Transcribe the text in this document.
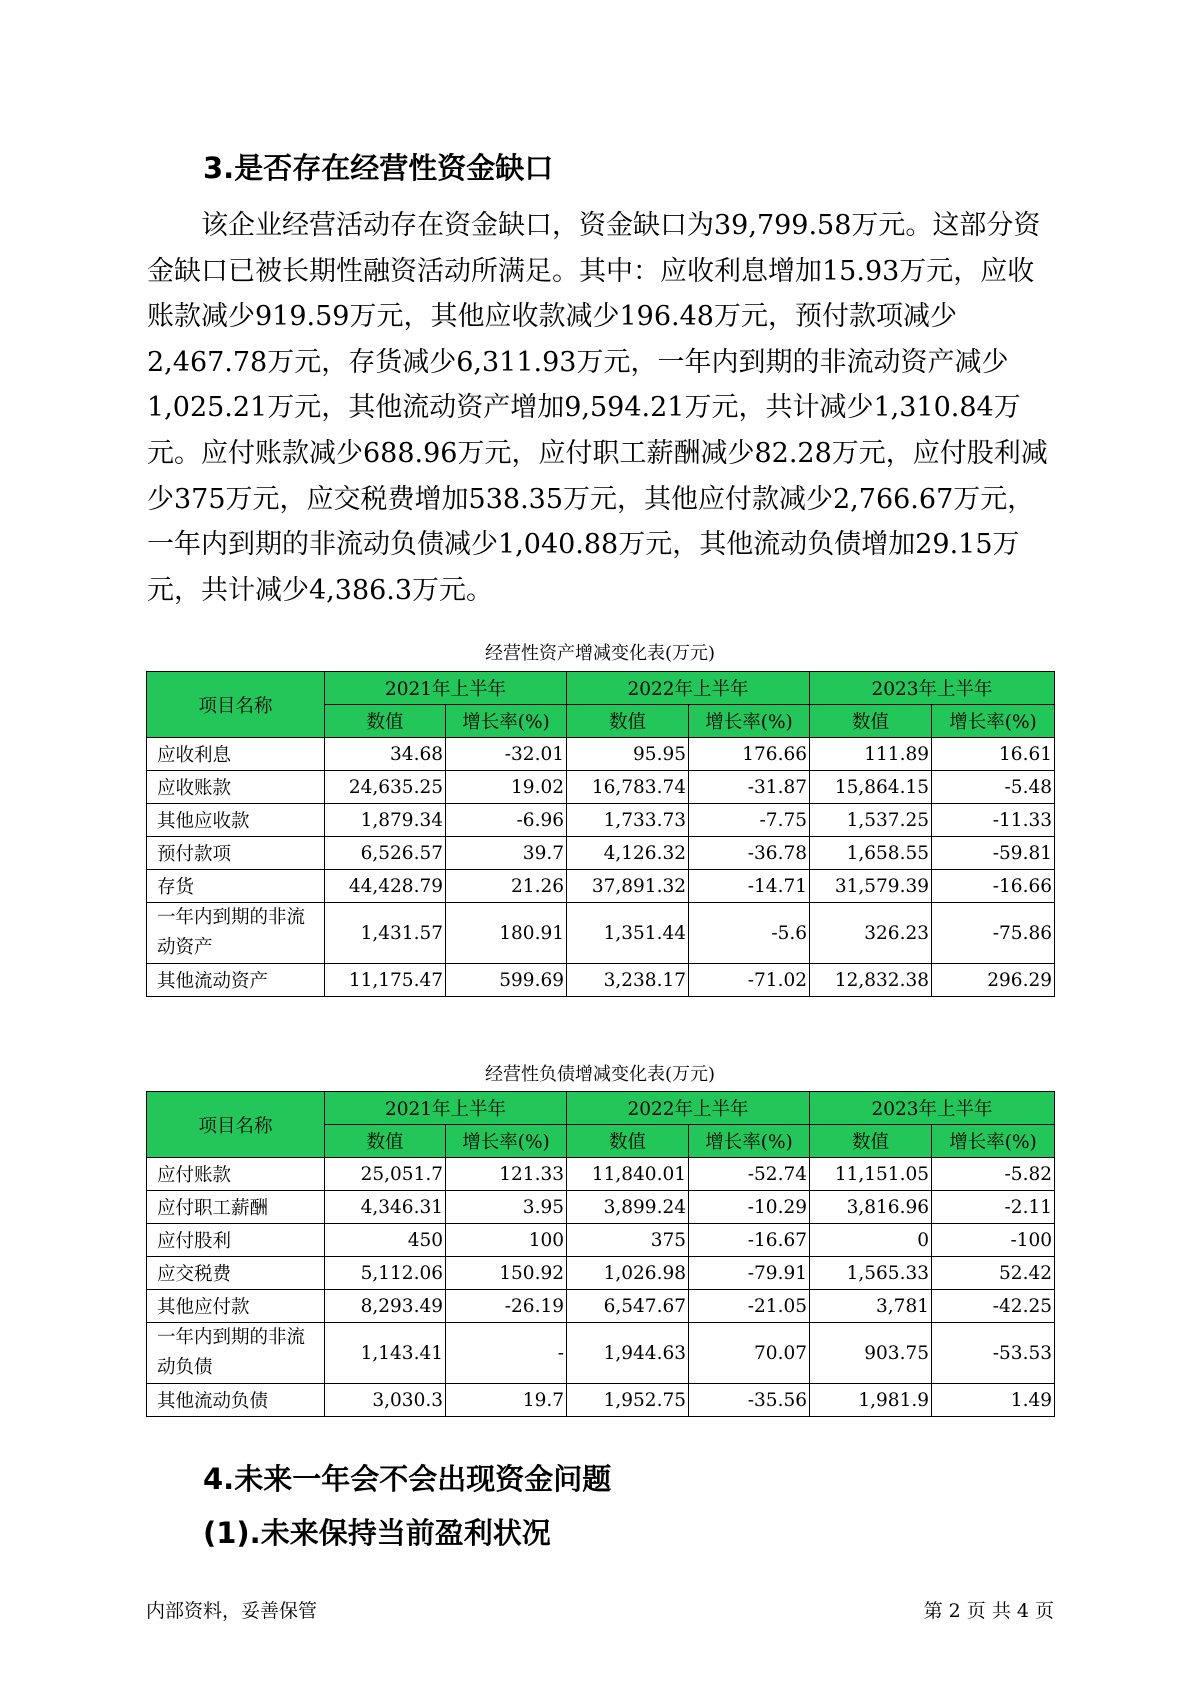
3.是否存在经营性资金缺口

该企业经营活动存在资金缺口，资金缺口为39,799.58万元。这部分资金缺口已被长期性融资活动所满足。其中：应收利息增加15.93万元，应收账款减少919.59万元，其他应收款减少196.48万元，预付款项减少2,467.78万元，存货减少6,311.93万元，一年内到期的非流动资产减少1,025.21万元，其他流动资产增加9,594.21万元，共计减少1,310.84万元。应付账款减少688.96万元，应付职工薪酬减少82.28万元，应付股利减少375万元，应交税费增加538.35万元，其他应付款减少2,766.67万元，一年内到期的非流动负债减少1,040.88万元，其他流动负债增加29.15万元，共计减少4,386.3万元。

经营性资产增减变化表(万元)
项目名称	2021年上半年		2022年上半年		2023年上半年	
	数值	增长率(%)	数值	增长率(%)	数值	增长率(%)
应收利息	34.68	-32.01	95.95	176.66	111.89	16.61
应收账款	24,635.25	19.02	16,783.74	-31.87	15,864.15	-5.48
其他应收款	1,879.34	-6.96	1,733.73	-7.75	1,537.25	-11.33
预付款项	6,526.57	39.7	4,126.32	-36.78	1,658.55	-59.81
存货	44,428.79	21.26	37,891.32	-14.71	31,579.39	-16.66
一年内到期的非流动资产	1,431.57	180.91	1,351.44	-5.6	326.23	-75.86
其他流动资产	11,175.47	599.69	3,238.17	-71.02	12,832.38	296.29
经营性负债增减变化表(万元)
项目名称	2021年上半年		2022年上半年		2023年上半年	
	数值	增长率(%)	数值	增长率(%)	数值	增长率(%)
应付账款	25,051.7	121.33	11,840.01	-52.74	11,151.05	-5.82
应付职工薪酬	4,346.31	3.95	3,899.24	-10.29	3,816.96	-2.11
应付股利	450	100	375	-16.67	0	-100
应交税费	5,112.06	150.92	1,026.98	-79.91	1,565.33	52.42
其他应付款	8,293.49	-26.19	6,547.67	-21.05	3,781	-42.25
一年内到期的非流动负债	1,143.41	-	1,944.63	70.07	903.75	-53.53
其他流动负债	3,030.3	19.7	1,952.75	-35.56	1,981.9	1.49
4.未来一年会不会出现资金问题
(1).未来保持当前盈利状况
内部资料，妥善保管	第 2 页 共 4 页
